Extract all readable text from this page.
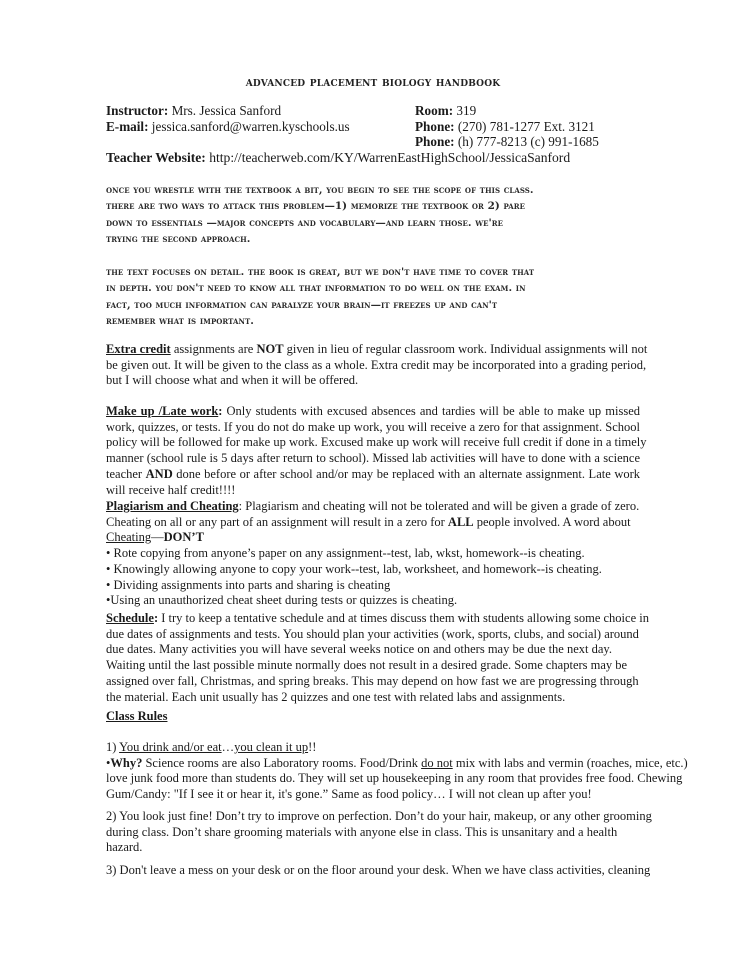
advanced placement biology handbook
Instructor: Mrs. Jessica Sanford	Room: 319
E-mail: jessica.sanford@warren.kyschools.us	Phone: (270) 781-1277 Ext. 3121
Phone: (h) 777-8213 (c) 991-1685
Teacher Website: http://teacherweb.com/KY/WarrenEastHighSchool/JessicaSanford
once you wrestle with the textbook a bit, you begin to see the scope of this class.
there are two ways to attack this problem—1) memorize the textbook or 2) pare
down to essentials —major concepts and vocabulary—and learn those. we're
trying the second approach.
the text focuses on detail. the book is great, but we don't have time to cover that
in depth. you don't need to know all that information to do well on the exam. in
fact, too much information can paralyze your brain—it freezes up and can't
remember what is important.
Extra credit assignments are NOT given in lieu of regular classroom work. Individual assignments will not
be given out. It will be given to the class as a whole. Extra credit may be incorporated into a grading period,
but I will choose what and when it will be offered.
Make up /Late work: Only students with excused absences and tardies will be able to make up missed
work, quizzes, or tests. If you do not do make up work, you will receive a zero for that assignment. School
policy will be followed for make up work. Excused make up work will receive full credit if done in a timely
manner (school rule is 5 days after return to school). Missed lab activities will have to done with a science
teacher AND done before or after school and/or may be replaced with an alternate assignment. Late work
will receive half credit!!!!
Plagiarism and Cheating: Plagiarism and cheating will not be tolerated and will be given a grade of zero.
Cheating on all or any part of an assignment will result in a zero for ALL people involved. A word about
Cheating—DON’T
• Rote copying from anyone’s paper on any assignment--test, lab, wkst, homework--is cheating.
• Knowingly allowing anyone to copy your work--test, lab, worksheet, and homework--is cheating.
• Dividing assignments into parts and sharing is cheating
•Using an unauthorized cheat sheet during tests or quizzes is cheating.
Schedule: I try to keep a tentative schedule and at times discuss them with students allowing some choice in
due dates of assignments and tests. You should plan your activities (work, sports, clubs, and social) around
due dates. Many activities you will have several weeks notice on and others may be due the next day.
Waiting until the last possible minute normally does not result in a desired grade. Some chapters may be
assigned over fall, Christmas, and spring breaks. This may depend on how fast we are progressing through
the material. Each unit usually has 2 quizzes and one test with related labs and assignments.
Class Rules
1) You drink and/or eat…you clean it up!!
•Why? Science rooms are also Laboratory rooms. Food/Drink do not mix with labs and vermin (roaches, mice, etc.)
love junk food more than students do. They will set up housekeeping in any room that provides free food. Chewing
Gum/Candy: "If I see it or hear it, it's gone.” Same as food policy… I will not clean up after you!
2) You look just fine! Don’t try to improve on perfection. Don’t do your hair, makeup, or any other grooming
during class. Don’t share grooming materials with anyone else in class. This is unsanitary and a health
hazard.
3) Don't leave a mess on your desk or on the floor around your desk. When we have class activities, cleaning
